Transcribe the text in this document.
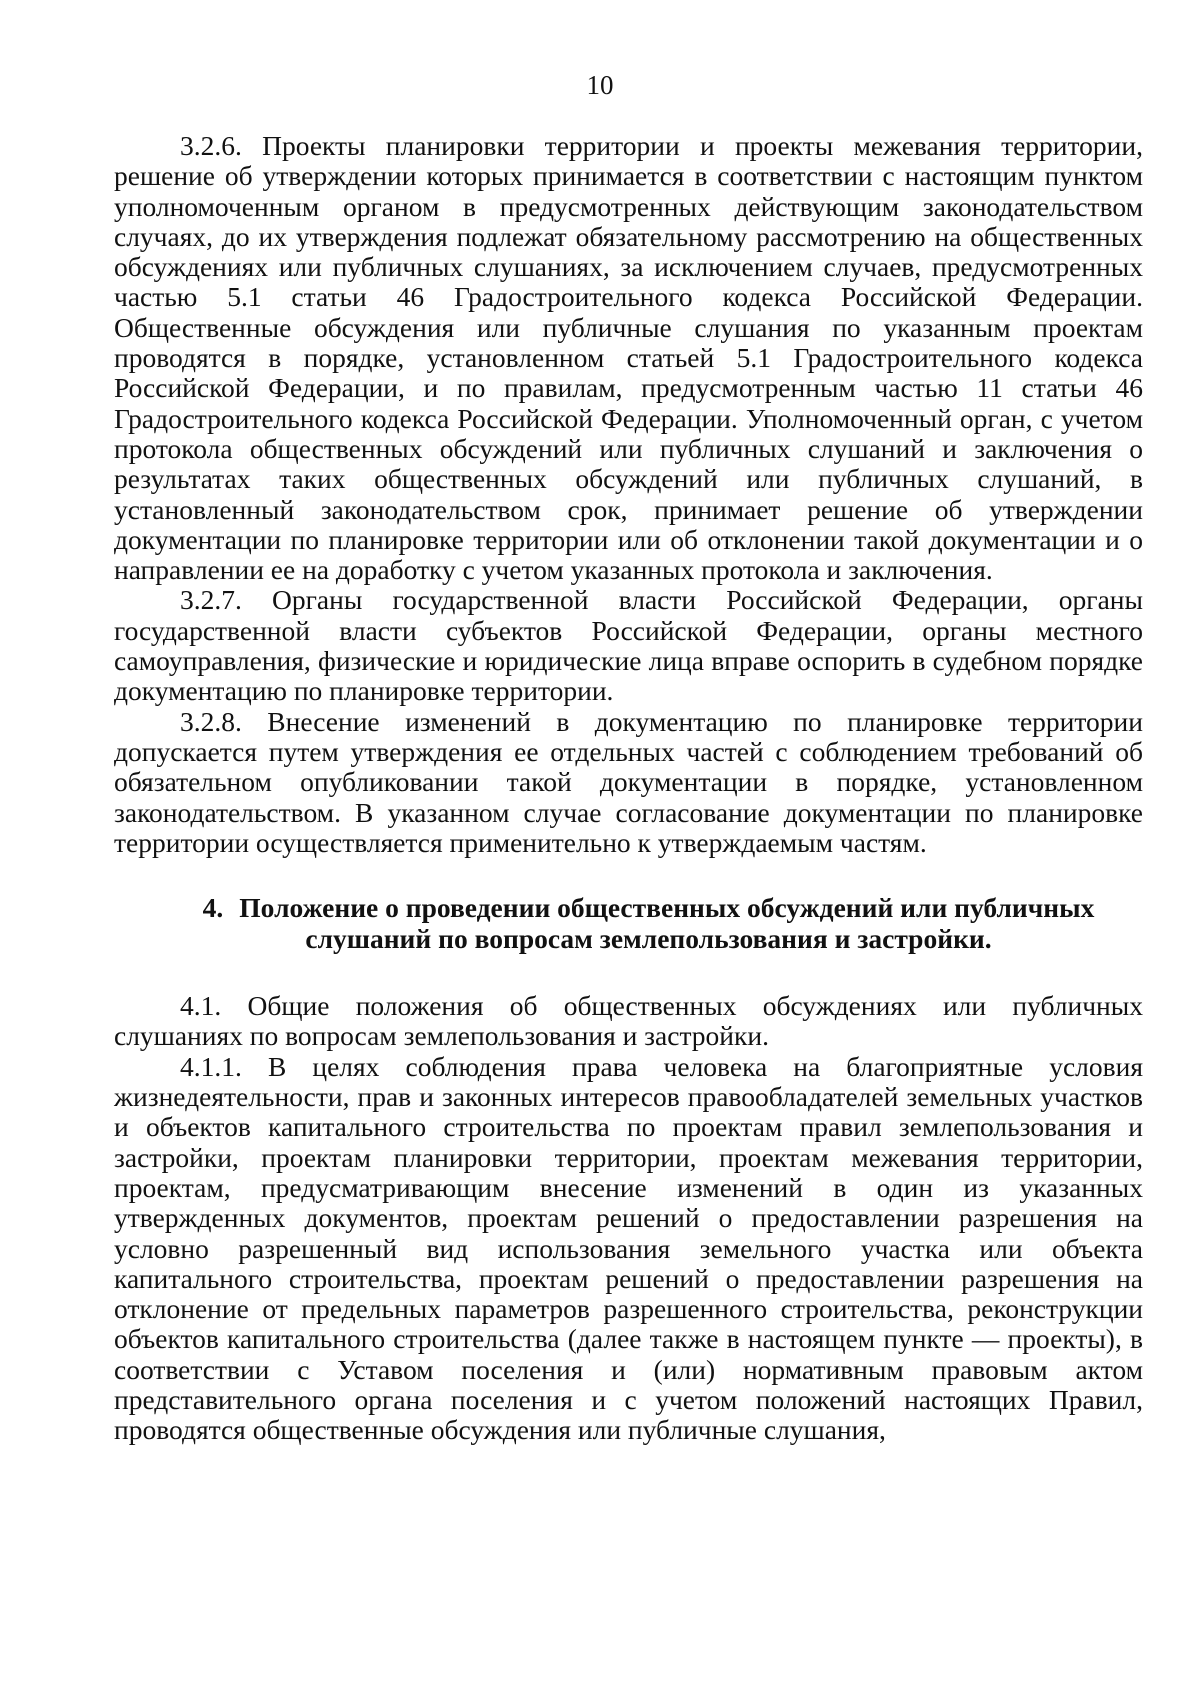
10

3.2.6. Проекты планировки территории и проекты межевания территории, решение об утверждении которых принимается в соответствии с настоящим пунктом уполномоченным органом в предусмотренных действующим законодательством случаях, до их утверждения подлежат обязательному рассмотрению на общественных обсуждениях или публичных слушаниях, за исключением случаев, предусмотренных частью 5.1 статьи 46 Градостроительного кодекса Российской Федерации. Общественные обсуждения или публичные слушания по указанным проектам проводятся в порядке, установленном статьей 5.1 Градостроительного кодекса Российской Федерации, и по правилам, предусмотренным частью 11 статьи 46 Градостроительного кодекса Российской Федерации. Уполномоченный орган, с учетом протокола общественных обсуждений или публичных слушаний и заключения о результатах таких общественных обсуждений или публичных слушаний, в установленный законодательством срок, принимает решение об утверждении документации по планировке территории или об отклонении такой документации и о направлении ее на доработку с учетом указанных протокола и заключения.

3.2.7. Органы государственной власти Российской Федерации, органы государственной власти субъектов Российской Федерации, органы местного самоуправления, физические и юридические лица вправе оспорить в судебном порядке документацию по планировке территории.

3.2.8. Внесение изменений в документацию по планировке территории допускается путем утверждения ее отдельных частей с соблюдением требований об обязательном опубликовании такой документации в порядке, установленном законодательством. В указанном случае согласование документации по планировке территории осуществляется применительно к утверждаемым частям.

4. Положение о проведении общественных обсуждений или публичных слушаний по вопросам землепользования и застройки.

4.1. Общие положения об общественных обсуждениях или публичных слушаниях по вопросам землепользования и застройки.

4.1.1. В целях соблюдения права человека на благоприятные условия жизнедеятельности, прав и законных интересов правообладателей земельных участков и объектов капитального строительства по проектам правил землепользования и застройки, проектам планировки территории, проектам межевания территории, проектам, предусматривающим внесение изменений в один из указанных утвержденных документов, проектам решений о предоставлении разрешения на условно разрешенный вид использования земельного участка или объекта капитального строительства, проектам решений о предоставлении разрешения на отклонение от предельных параметров разрешенного строительства, реконструкции объектов капитального строительства (далее также в настоящем пункте — проекты), в соответствии с Уставом поселения и (или) нормативным правовым актом представительного органа поселения и с учетом положений настоящих Правил, проводятся общественные обсуждения или публичные слушания,
